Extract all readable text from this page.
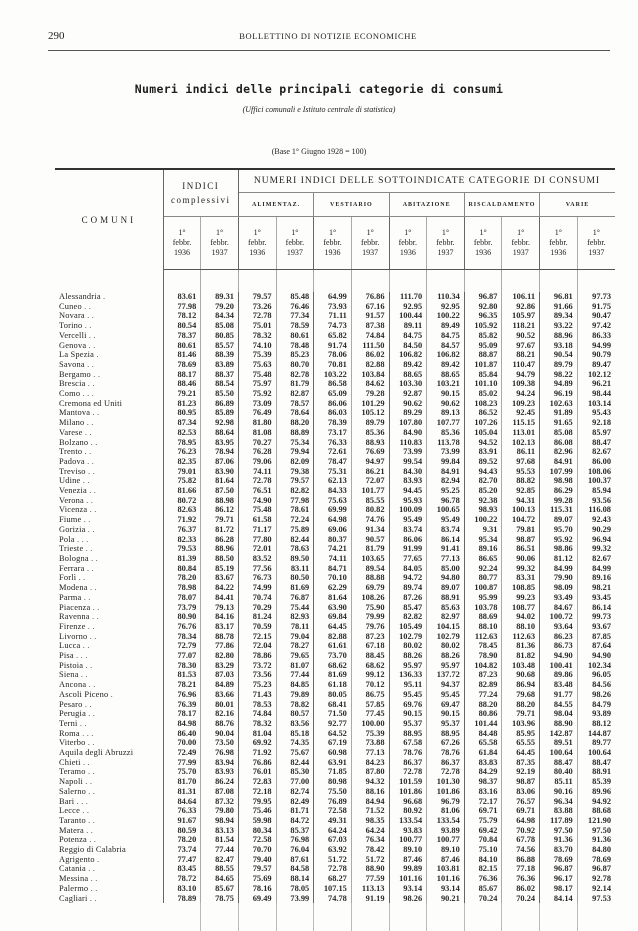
290	BOLLETTINO DI NOTIZIE ECONOMICHE
Numeri indici delle principali categorie di consumi
(Uffici comunali e Istituto centrale di statistica)
(Base 1° Giugno 1928 = 100)

COMUNI	INDICI complessivi		NUMERI INDICI DELLE SOTTOINDICATE CATEGORIE DI CONSUMI									
			ALIMENTAZ.		VESTIARIO		ABITAZIONE		RISCALDAMENTO		VARIE	
	1°
febbr.
1936	1°
febbr.
1937	1°
febbr.
1936	1°
febbr.
1937	1°
febbr.
1936	1°
febbr.
1937	1°
febbr.
1936	1°
febbr.
1937	1°
febbr.
1936	1°
febbr.
1937	1°
febbr.
1936	1°
febbr.
1937

Alessandria .	83.61	89.31	79.57	85.48	64.99	76.86	111.70	110.34	96.87	106.11	96.81	97.73
Cuneo . .	77.98	79.20	73.26	76.46	73.93	67.16	92.95	92.95	92.80	92.86	91.66	91.75
Novara . .	78.12	84.34	72.78	77.34	71.11	91.57	100.44	100.22	96.35	105.97	89.34	90.47
Torino . .	80.54	85.08	75.01	78.59	74.73	87.38	89.11	89.49	105.92	118.21	93.22	97.42
Vercelli . .	78.37	80.85	78.32	80.61	65.82	74.84	84.75	84.75	85.82	90.52	88.96	86.33
Genova . .	80.61	85.57	74.10	78.48	91.74	111.50	84.50	84.57	95.09	97.67	93.18	94.99
La Spezia .	81.46	88.39	75.39	85.23	78.06	86.02	106.82	106.82	88.87	88.21	90.54	90.79
Savona . .	78.69	83.89	75.63	80.70	70.81	82.88	89.42	89.42	101.87	110.47	89.79	89.47
Bergamo . .	88.17	88.37	75.48	82.78	103.22	103.84	88.65	88.65	85.84	94.79	98.22	102.12
Brescia . .	88.46	88.54	75.97	81.79	86.58	84.62	103.30	103.21	101.10	109.38	94.89	96.21
Como . . .	79.21	85.50	75.92	82.87	65.09	79.28	92.87	90.15	85.02	94.24	96.19	98.44
Cremona ed Uniti	81.23	86.89	73.09	78.57	86.06	101.29	90.62	90.62	108.23	109.23	102.63	103.14
Mantova . .	80.95	85.89	76.49	78.64	86.03	105.12	89.29	89.13	86.52	92.45	91.89	95.43
Milano . .	87.34	92.98	81.80	88.20	78.39	89.79	107.80	107.77	107.26	115.15	91.65	92.18
Varese . .	82.53	88.64	81.08	88.89	73.17	85.36	84.90	85.36	105.04	113.01	85.08	85.97
Bolzano . .	78.95	83.95	70.27	75.34	76.33	88.93	110.83	113.78	94.52	102.13	86.08	88.47
Trento . .	76.23	78.94	76.28	79.94	72.61	76.69	73.99	73.99	83.91	86.11	82.96	82.67
Padova . .	82.35	87.06	79.06	82.09	78.47	94.97	99.54	99.84	89.52	97.68	84.91	86.00
Treviso . .	79.01	83.90	74.11	79.38	75.31	86.21	84.30	84.91	94.43	95.53	107.99	108.06
Udine . .	75.82	81.64	72.78	79.57	62.13	72.07	83.93	82.94	82.70	88.82	98.98	100.37
Venezia . .	81.66	87.50	76.51	82.82	84.33	101.77	94.45	95.25	85.20	92.85	86.29	85.94
Verona . .	80.72	88.98	74.90	77.98	75.63	85.55	95.93	96.78	92.38	94.31	99.28	93.56
Vicenza . .	82.63	86.12	75.48	78.61	69.99	80.82	100.09	100.65	98.93	100.13	115.31	116.08
Fiume . .	71.92	79.71	61.58	72.24	64.98	74.76	95.49	95.49	100.22	104.72	89.07	92.43
Gorizia . .	76.37	81.72	71.17	75.89	69.06	91.34	83.74	83.74	9.31	79.81	95.70	90.29
Pola . . .	82.33	86.28	77.80	82.44	80.37	90.57	86.06	86.14	95.34	98.87	95.92	96.94
Trieste . .	79.53	88.96	72.01	78.63	74.21	81.79	91.99	91.41	89.16	86.51	98.86	99.32
Bologna . .	81.39	88.50	83.52	89.50	74.11	103.65	77.65	77.13	86.65	90.06	81.12	82.67
Ferrara . .	80.84	85.19	77.56	83.11	84.71	89.54	84.05	85.00	92.24	99.32	84.99	84.99
Forlì . .	78.20	83.67	76.73	80.50	70.10	88.88	94.72	94.80	80.77	83.31	79.90	89.16
Modena . .	78.98	84.22	74.99	81.69	62.29	69.79	89.74	89.07	100.87	108.85	98.09	98.21
Parma . .	78.07	84.41	70.74	76.87	81.64	108.26	87.26	88.91	95.99	99.23	93.49	93.45
Piacenza . .	73.79	79.13	70.29	75.44	63.90	75.90	85.47	85.63	103.78	108.77	84.67	86.14
Ravenna . .	80.90	84.16	81.24	82.93	69.84	79.99	82.82	82.97	88.69	94.02	100.72	99.73
Firenze . .	76.76	83.17	70.59	78.11	64.45	79.76	105.49	104.15	88.10	88.10	93.64	93.67
Livorno . .	78.34	88.78	72.15	79.04	82.88	87.23	102.79	102.79	112.63	112.63	86.23	87.85
Lucca . .	72.79	77.86	72.04	78.27	61.61	67.18	80.02	80.02	78.45	81.36	86.73	87.64
Pisa . . .	77.07	82.80	78.86	79.65	73.70	88.45	88.26	88.26	78.90	81.82	94.90	94.90
Pistoia . .	78.30	83.29	73.72	81.07	68.62	68.62	95.97	95.97	104.82	103.48	100.41	102.34
Siena . .	81.53	87.03	73.56	77.44	81.69	99.12	136.33	137.72	87.23	90.68	89.86	96.05
Ancona . .	78.21	84.89	75.23	84.85	61.18	70.12	95.11	94.37	82.89	86.94	83.48	84.56
Ascoli Piceno .	76.96	83.66	71.43	79.89	80.05	86.75	95.45	95.45	77.24	79.68	91.77	98.26
Pesaro . .	76.39	80.01	78.53	78.82	68.41	57.85	69.76	69.47	88.20	88.20	84.55	84.79
Perugia . .	78.17	82.16	74.84	80.57	71.50	77.45	90.15	90.15	80.86	79.71	98.04	93.89
Terni . .	84.98	88.76	78.32	83.56	92.77	100.00	95.37	95.37	101.44	103.96	88.90	88.12
Roma . . .	86.40	90.04	81.04	85.18	64.52	75.39	88.95	88.95	84.48	85.95	142.87	144.87
Viterbo . .	70.00	73.50	69.92	74.35	67.19	73.88	67.58	67.26	65.58	65.55	89.51	89.77
Aquila degli Abruzzi	72.49	76.98	71.92	75.67	60.98	77.13	78.76	78.76	61.84	64.45	100.64	100.64
Chieti . .	77.99	83.94	76.86	82.44	63.91	84.23	86.37	86.37	83.83	87.35	88.47	88.47
Teramo . .	75.70	83.93	76.01	85.30	71.85	87.80	72.78	72.78	84.29	92.19	80.40	88.91
Napoli . .	81.70	86.24	72.83	77.00	80.98	94.32	101.59	101.30	98.37	98.87	85.11	85.39
Salerno . .	81.31	87.08	72.18	82.74	75.50	88.16	101.86	101.86	83.16	83.06	90.16	89.96
Bari . . .	84.64	87.32	79.95	82.49	76.89	84.94	96.68	96.79	72.17	76.57	96.34	94.92
Lecce . .	76.33	79.80	75.46	81.71	72.58	71.52	80.92	81.06	69.71	69.71	83.88	88.68
Taranto . .	91.67	98.94	59.98	84.72	49.31	98.35	133.54	133.54	75.79	64.98	117.89	121.90
Matera . .	80.59	83.13	80.34	85.37	64.24	64.24	93.83	93.89	69.42	70.92	97.50	97.50
Potenza . .	78.20	81.54	72.58	76.98	67.03	76.34	100.77	100.77	70.84	67.78	91.36	91.36
Reggio di Calabria	73.74	77.44	70.70	76.04	63.92	78.42	89.10	89.10	75.10	74.56	83.70	84.80
Agrigento .	77.47	82.47	79.40	87.61	51.72	51.72	87.46	87.46	84.10	86.88	78.69	78.69
Catania . .	83.45	88.55	79.57	84.58	72.78	88.90	99.89	103.81	82.15	77.18	96.87	96.87
Messina . .	78.72	84.65	75.69	88.14	68.27	77.59	101.16	101.16	76.36	76.36	96.17	92.78
Palermo . .	83.10	85.67	78.16	78.05	107.15	113.13	93.14	93.14	85.67	86.02	98.17	92.14
Cagliari . .	78.89	78.75	69.49	73.99	74.78	91.19	98.26	90.21	70.24	70.24	84.14	97.53
